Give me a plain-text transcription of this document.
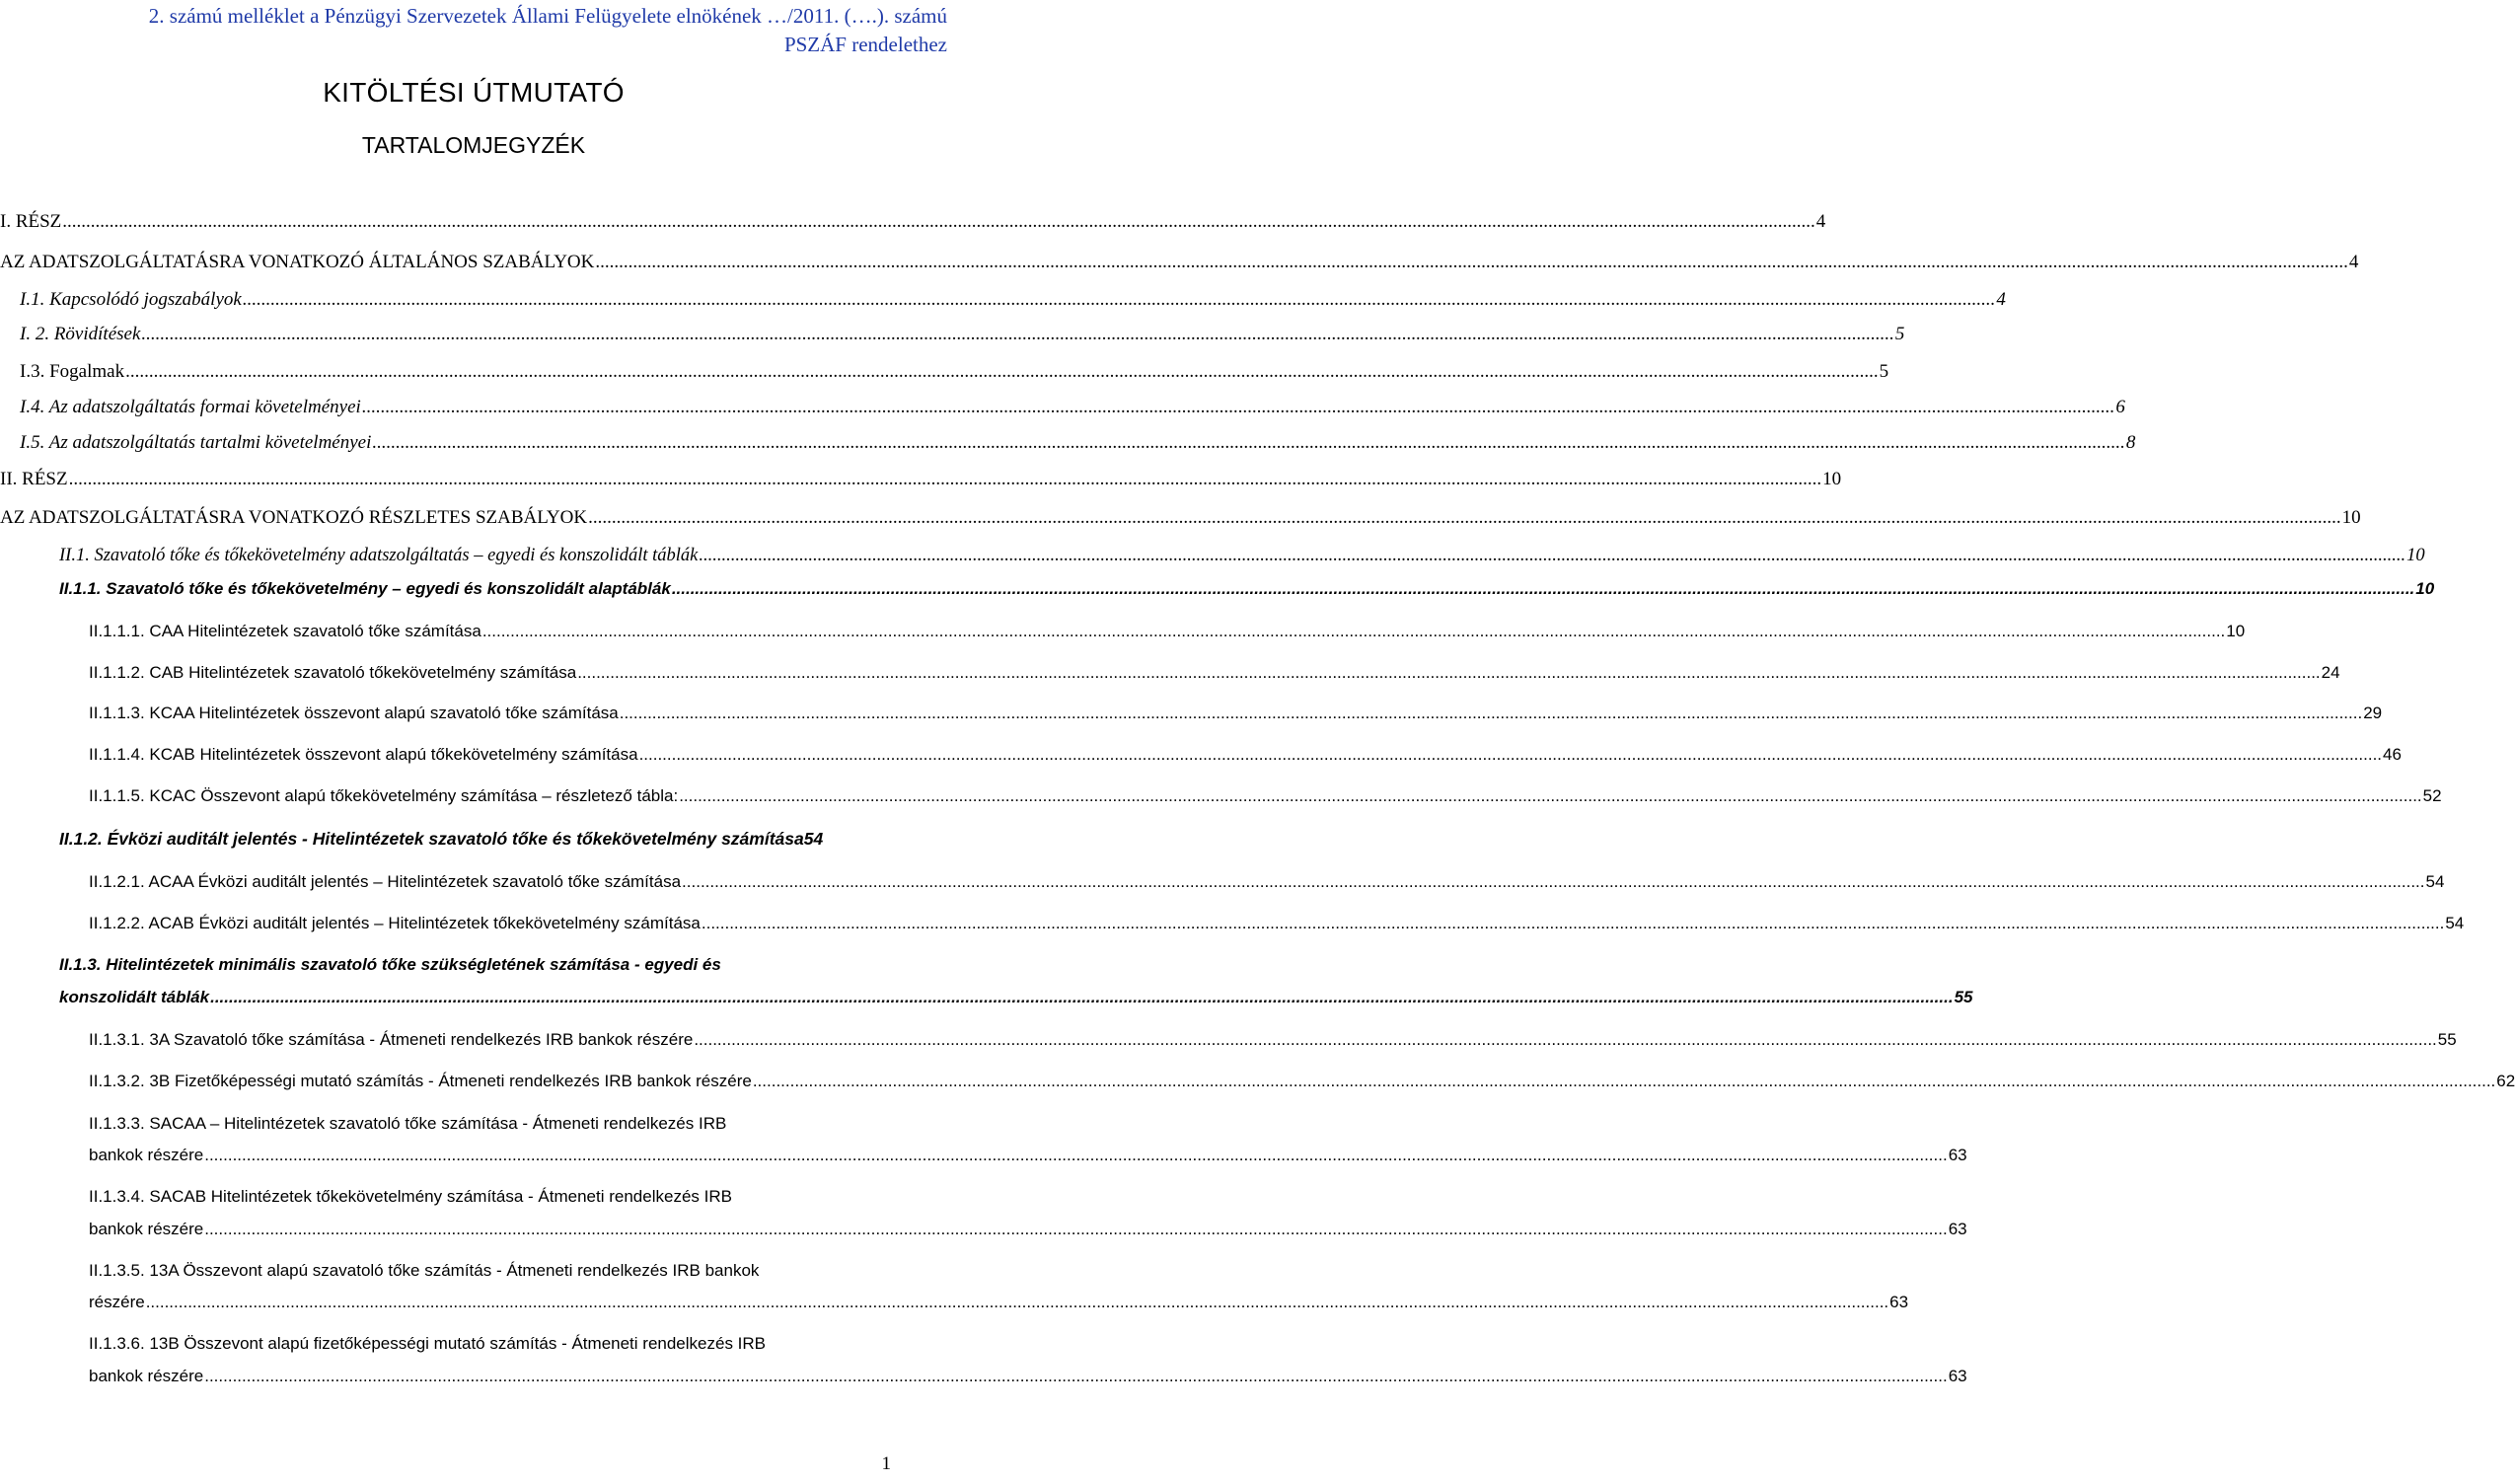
2. számú melléklet a Pénzügyi Szervezetek Állami Felügyelete elnökének …/2011. (….). számú
PSZÁF rendelethez
KITÖLTÉSI ÚTMUTATÓ
TARTALOMJEGYZÉK
I. RÉSZ .....	4
AZ ADATSZOLGÁLTATÁSRA VONATKOZÓ ÁLTALÁNOS SZABÁLYOK .....	4
I.1. Kapcsolódó jogszabályok .....	4
I. 2. Rövidítések .....	5
I.3. Fogalmak .....	5
I.4. Az adatszolgáltatás formai követelményei .....	6
I.5. Az adatszolgáltatás tartalmi követelményei .....	8
II. RÉSZ .....	10
AZ ADATSZOLGÁLTATÁSRA VONATKOZÓ RÉSZLETES SZABÁLYOK .....	10
II.1. Szavatoló tőke és tőkekövetelmény adatszolgáltatás – egyedi és konszolidált táblák .....	10
II.1.1. Szavatoló tőke és tőkekövetelmény – egyedi és konszolidált alaptáblák .....	10
II.1.1.1. CAA Hitelintézetek szavatoló tőke számítása .....	10
II.1.1.2. CAB Hitelintézetek szavatoló tőkekövetelmény számítása .....	24
II.1.1.3. KCAA Hitelintézetek összevont alapú szavatoló tőke számítása .....	29
II.1.1.4. KCAB Hitelintézetek összevont alapú tőkekövetelmény számítása .....	46
II.1.1.5. KCAC Összevont alapú tőkekövetelmény számítása – részletező tábla: .....	52
II.1.2. Évközi auditált jelentés - Hitelintézetek szavatoló tőke és tőkekövetelmény számítása 54
II.1.2.1. ACAA Évközi auditált jelentés – Hitelintézetek szavatoló tőke számítása .....	54
II.1.2.2. ACAB Évközi auditált jelentés – Hitelintézetek tőkekövetelmény számítása .....	54
II.1.3. Hitelintézetek minimális szavatoló tőke szükségletének számítása - egyedi és
konszolidált táblák .....	55
II.1.3.1. 3A Szavatoló tőke számítása - Átmeneti rendelkezés IRB bankok részére .....	55
II.1.3.2. 3B Fizetőképességi mutató számítás - Átmeneti rendelkezés IRB bankok részére .....	62
II.1.3.3. SACAA – Hitelintézetek szavatoló tőke számítása - Átmeneti rendelkezés IRB
bankok részére .....	63
II.1.3.4. SACAB Hitelintézetek tőkekövetelmény számítása - Átmeneti rendelkezés IRB
bankok részére .....	63
II.1.3.5. 13A Összevont alapú szavatoló tőke számítás - Átmeneti rendelkezés IRB bankok
részére .....	63
II.1.3.6. 13B Összevont alapú fizetőképességi mutató számítás - Átmeneti rendelkezés IRB
bankok részére .....	63
1
